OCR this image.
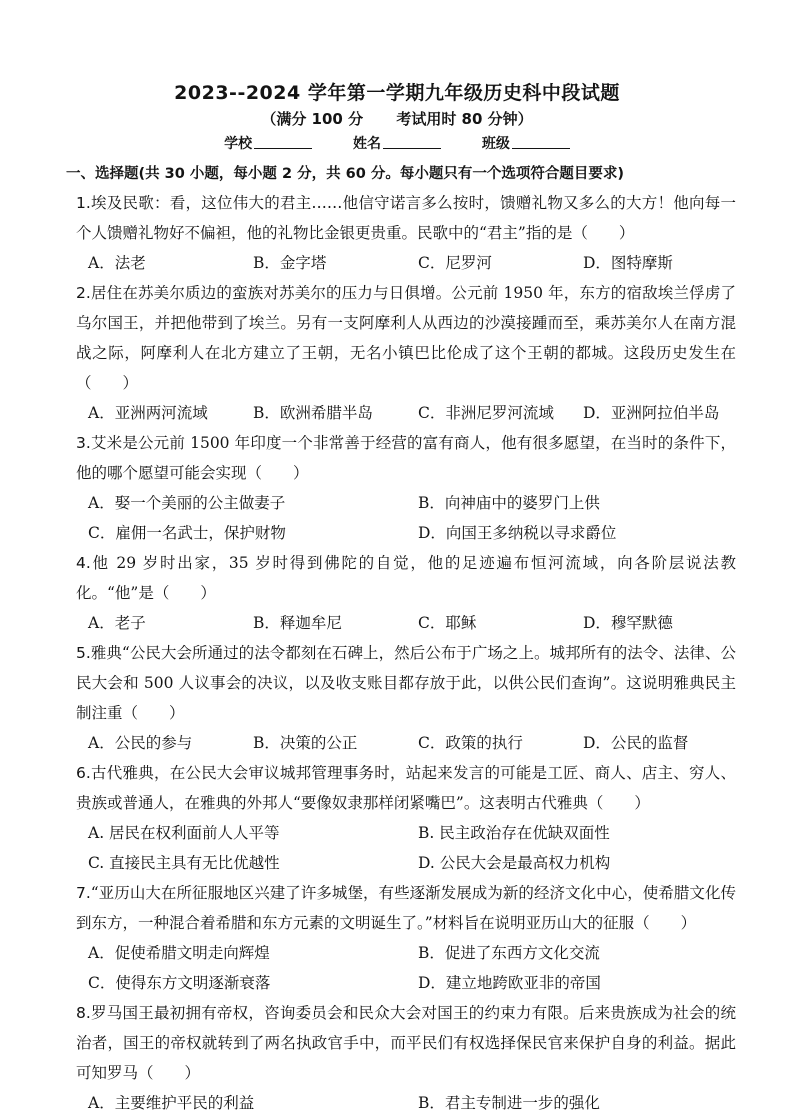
2023--2024 学年第一学期九年级历史科中段试题
（满分 100 分 考试用时 80 分钟）
学校	姓名	班级
一、选择题(共 30 小题，每小题 2 分，共 60 分。每小题只有一个选项符合题目要求)
1.埃及民歌：看，这位伟大的君主……他信守诺言多么按时，馈赠礼物又多么的大方！他向每一个人馈赠礼物好不偏袒，他的礼物比金银更贵重。民歌中的“君主”指的是（　　）
A．法老	B．金字塔	C．尼罗河	D．图特摩斯
2.居住在苏美尔质边的蛮族对苏美尔的压力与日俱增。公元前 1950 年，东方的宿敌埃兰俘虏了乌尔国王，并把他带到了埃兰。另有一支阿摩利人从西边的沙漠接踵而至，乘苏美尔人在南方混战之际，阿摩利人在北方建立了王朝，无名小镇巴比伦成了这个王朝的都城。这段历史发生在（　　）
A．亚洲两河流域	B．欧洲希腊半岛	C．非洲尼罗河流域	D．亚洲阿拉伯半岛
3.艾米是公元前 1500 年印度一个非常善于经营的富有商人，他有很多愿望，在当时的条件下，他的哪个愿望可能会实现（　　）
A．娶一个美丽的公主做妻子	B．向神庙中的婆罗门上供
C．雇佣一名武士，保护财物	D．向国王多纳税以寻求爵位
4.他 29 岁时出家，35 岁时得到佛陀的自觉，他的足迹遍布恒河流域，向各阶层说法教化。“他”是（　　）
A．老子	B．释迦牟尼	C．耶稣	D．穆罕默德
5.雅典“公民大会所通过的法令都刻在石碑上，然后公布于广场之上。城邦所有的法令、法律、公民大会和 500 人议事会的决议，以及收支账目都存放于此，以供公民们查询”。这说明雅典民主制注重（　　）
A．公民的参与	B．决策的公正	C．政策的执行	D．公民的监督
6.古代雅典，在公民大会审议城邦管理事务时，站起来发言的可能是工匠、商人、店主、穷人、贵族或普通人，在雅典的外邦人“要像奴隶那样闭紧嘴巴”。这表明古代雅典（　　）
A. 居民在权利面前人人平等	B. 民主政治存在优缺双面性
C. 直接民主具有无比优越性	D. 公民大会是最高权力机构
7.“亚历山大在所征服地区兴建了许多城堡，有些逐渐发展成为新的经济文化中心，使希腊文化传到东方，一种混合着希腊和东方元素的文明诞生了。”材料旨在说明亚历山大的征服（　　）
A．促使希腊文明走向辉煌	B．促进了东西方文化交流
C．使得东方文明逐渐衰落	D．建立地跨欧亚非的帝国
8.罗马国王最初拥有帝权，咨询委员会和民众大会对国王的约束力有限。后来贵族成为社会的统治者，国王的帝权就转到了两名执政官手中，而平民们有权选择保民官来保护自身的利益。据此可知罗马（　　）
A．主要维护平民的利益	B．君主专制进一步的强化
